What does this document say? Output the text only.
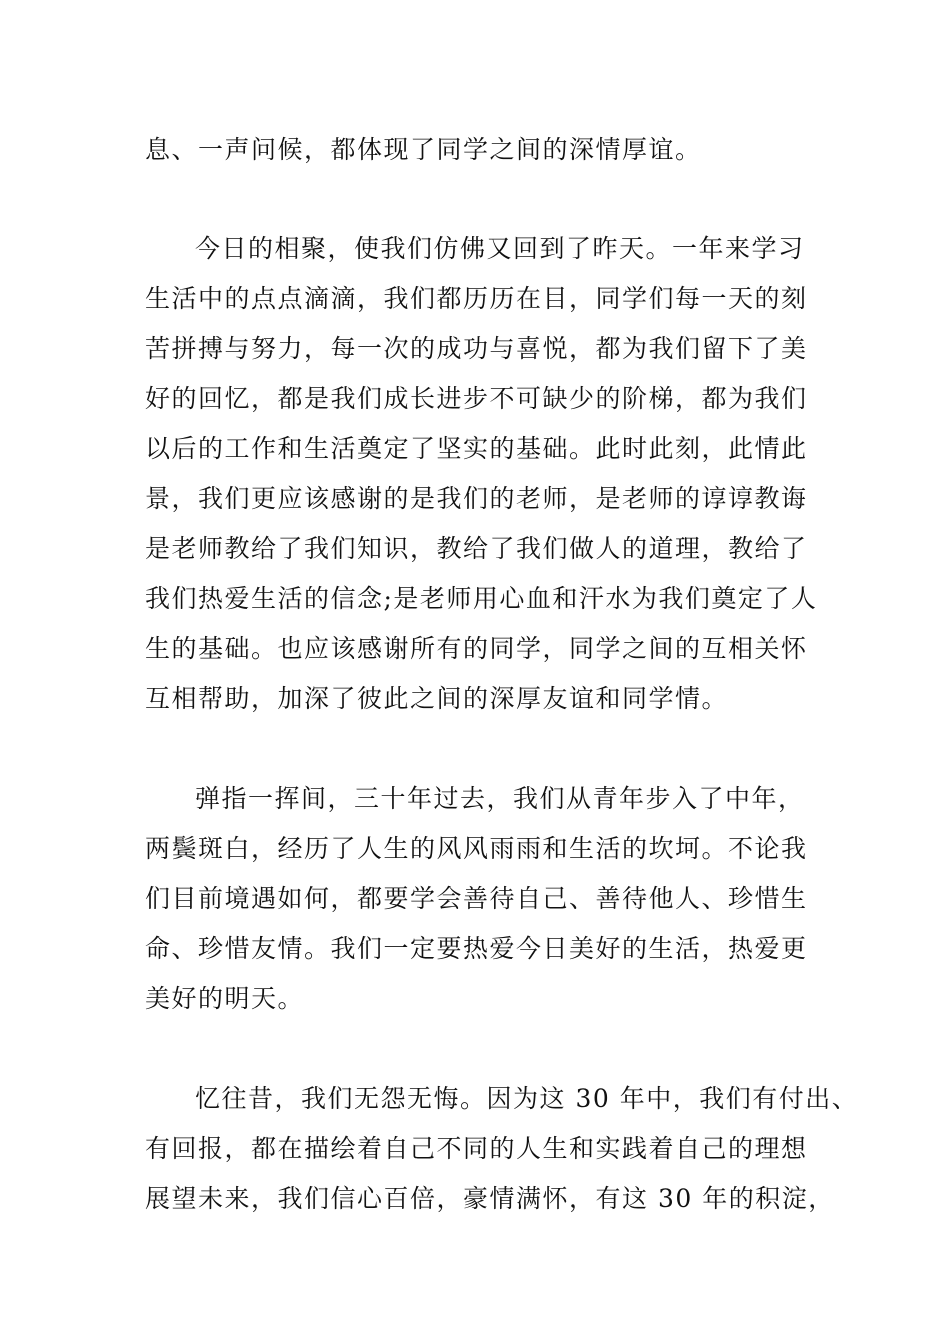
息、一声问候，都体现了同学之间的深情厚谊。
今日的相聚，使我们仿佛又回到了昨天。一年来学习
生活中的点点滴滴，我们都历历在目，同学们每一天的刻
苦拼搏与努力，每一次的成功与喜悦，都为我们留下了美
好的回忆，都是我们成长进步不可缺少的阶梯，都为我们
以后的工作和生活奠定了坚实的基础。此时此刻，此情此
景，我们更应该感谢的是我们的老师，是老师的谆谆教诲
是老师教给了我们知识，教给了我们做人的道理，教给了
我们热爱生活的信念;是老师用心血和汗水为我们奠定了人
生的基础。也应该感谢所有的同学，同学之间的互相关怀
互相帮助，加深了彼此之间的深厚友谊和同学情。
弹指一挥间，三十年过去，我们从青年步入了中年，
两鬓斑白，经历了人生的风风雨雨和生活的坎坷。不论我
们目前境遇如何，都要学会善待自己、善待他人、珍惜生
命、珍惜友情。我们一定要热爱今日美好的生活，热爱更
美好的明天。
忆往昔，我们无怨无悔。因为这 30 年中，我们有付出、
有回报，都在描绘着自己不同的人生和实践着自己的理想
展望未来，我们信心百倍，豪情满怀，有这 30 年的积淀，
